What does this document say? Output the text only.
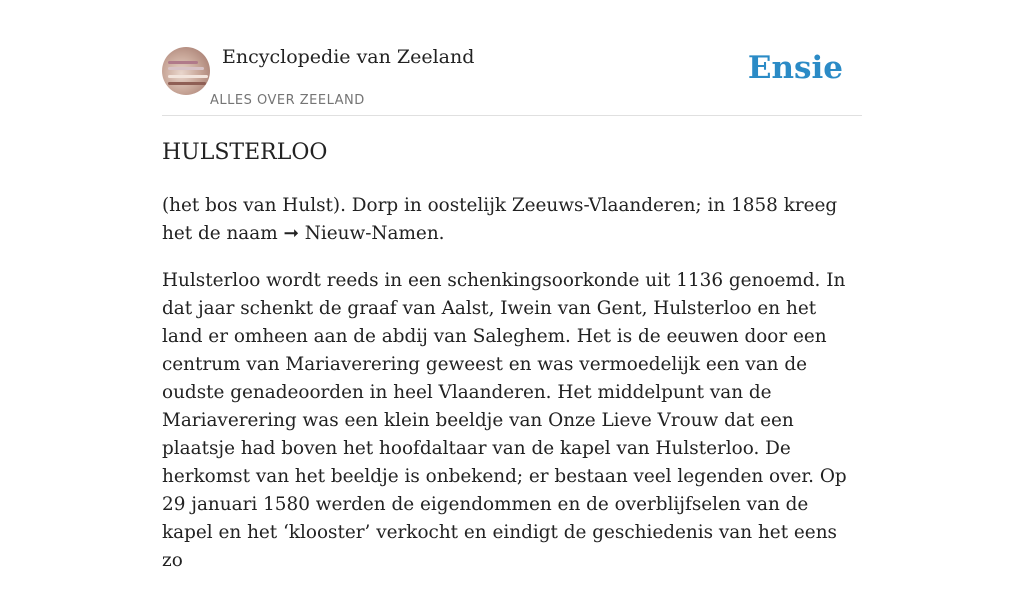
Encyclopedie van Zeeland
ALLES OVER ZEELAND
Ensie
HULSTERLOO

(het bos van Hulst). Dorp in oostelijk Zeeuws-Vlaanderen; in 1858 kreeg het de naam ➞ Nieuw-Namen.

Hulsterloo wordt reeds in een schenkingsoorkonde uit 1136 genoemd. In dat jaar schenkt de graaf van Aalst, Iwein van Gent, Hulsterloo en het land er omheen aan de abdij van Saleghem. Het is de eeuwen door een centrum van Mariaverering geweest en was vermoedelijk een van de oudste genadeoorden in heel Vlaanderen. Het middelpunt van de Mariaverering was een klein beeldje van Onze Lieve Vrouw dat een plaatsje had boven het hoofdaltaar van de kapel van Hulsterloo. De herkomst van het beeldje is onbekend; er bestaan veel legenden over. Op 29 januari 1580 werden de eigendommen en de overblijfselen van de kapel en het ‘klooster’ verkocht en eindigt de geschiedenis van het eens zo
